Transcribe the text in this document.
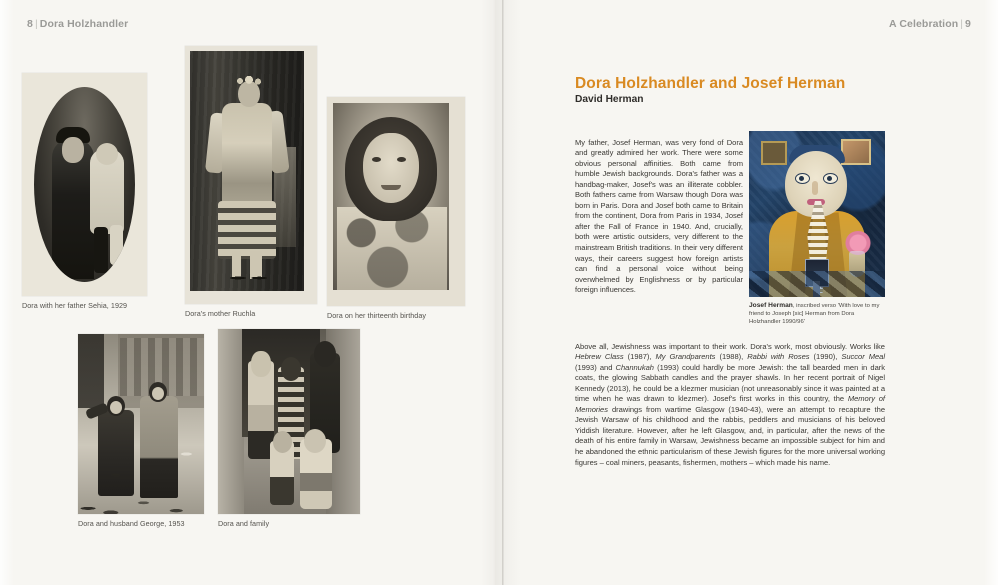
8 | Dora Holzhandler
Dora with her father Sehia, 1929
Dora's mother Ruchla	Dora on her thirteenth birthday
Dora and husband George, 1953	Dora and family
A Celebration | 9
Dora Holzhandler and Josef Herman
David Herman

My father, Josef Herman, was very fond of Dora and greatly admired her work. There were some obvious personal affinities. Both came from humble Jewish backgrounds. Dora's father was a handbag-maker, Josef's was an illiterate cobbler. Both fathers came from Warsaw though Dora was born in Paris. Dora and Josef both came to Britain from the continent, Dora from Paris in 1934, Josef after the Fall of France in 1940. And, crucially, both were artistic outsiders, very different to the mainstream British traditions. In their very different ways, their careers suggest how foreign artists can find a personal voice without being overwhelmed by Englishness or by particular foreign influences.

Josef Herman, inscribed verso 'With love to my friend to Joseph [sic] Herman from Dora Holzhandler 1990/96'

Above all, Jewishness was important to their work. Dora's work, most obviously. Works like Hebrew Class (1987), My Grandparents (1988), Rabbi with Roses (1990), Succor Meal (1993) and Channukah (1993) could hardly be more Jewish: the tall bearded men in dark coats, the glowing Sabbath candles and the prayer shawls. In her recent portrait of Nigel Kennedy (2013), he could be a klezmer musician (not unreasonably since it was painted at a time when he was drawn to klezmer). Josef's first works in this country, the Memory of Memories drawings from wartime Glasgow (1940-43), were an attempt to recapture the Jewish Warsaw of his childhood and the rabbis, peddlers and musicians of his beloved Yiddish literature. However, after he left Glasgow, and, in particular, after the news of the death of his entire family in Warsaw, Jewishness became an impossible subject for him and he abandoned the ethnic particularism of these Jewish figures for the more universal working figures – coal miners, peasants, fishermen, mothers – which made his name.
